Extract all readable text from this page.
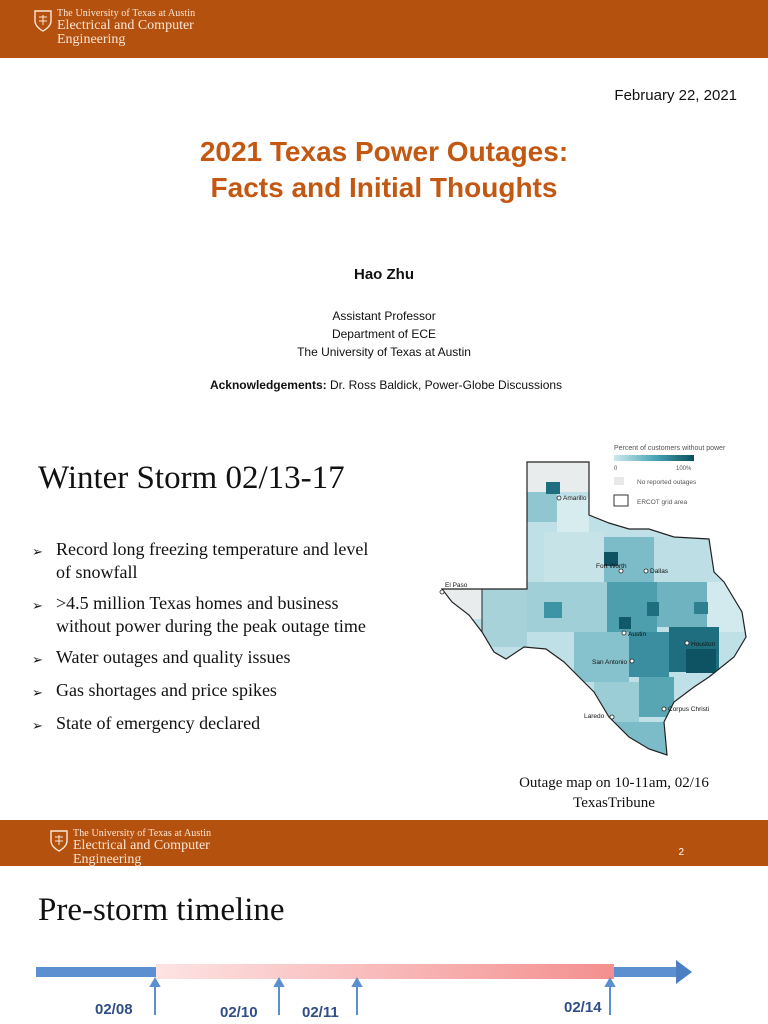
The University of Texas at Austin
Electrical and Computer
Engineering
February 22, 2021
2021 Texas Power Outages:
Facts and Initial Thoughts
Hao Zhu
Assistant Professor
Department of ECE
The University of Texas at Austin
Acknowledgements: Dr. Ross Baldick, Power-Globe Discussions
Winter Storm 02/13-17
➢ Record long freezing temperature and level of snowfall
➢ >4.5 million Texas homes and business without power during the peak outage time
➢ Water outages and quality issues
➢ Gas shortages and price spikes
➢ State of emergency declared
Percent of customers without power
0	100%
No reported outages
ERCOT grid area
Amarillo
Fort Worth
Dallas
El Paso
Austin
Houston
San Antonio
Corpus Christi
Laredo
Outage map on 10-11am, 02/16
TexasTribune
The University of Texas at Austin
Electrical and Computer
Engineering	2
Pre-storm timeline
02/08	02/10	02/11	02/14
